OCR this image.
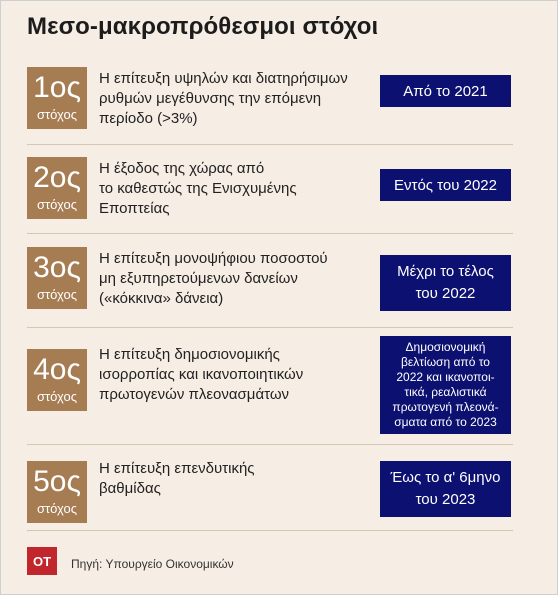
Μεσο-μακροπρόθεσμοι στόχοι
1ος
στόχος
Η επίτευξη υψηλών και διατηρήσιμων
ρυθμών μεγέθυνσης την επόμενη
περίοδο (>3%)
Από το 2021
2ος
στόχος
Η έξοδος της χώρας από
το καθεστώς της Ενισχυμένης
Εποπτείας
Εντός του 2022
3ος
στόχος
Η επίτευξη μονοψήφιου ποσοστού
μη εξυπηρετούμενων δανείων
(«κόκκινα» δάνεια)
Μέχρι το τέλος
του 2022
4ος
στόχος
Η επίτευξη δημοσιονομικής
ισορροπίας και ικανοποιητικών
πρωτογενών πλεονασμάτων
Δημοσιονομική
βελτίωση από το
2022 και ικανοποι-
τικά, ρεαλιστικά
πρωτογενή πλεονά-
σματα από το 2023
5ος
στόχος
Η επίτευξη επενδυτικής
βαθμίδας
Έως το α' 6μηνο
του 2023
ΟΤ	Πηγή: Υπουργείο Οικονομικών
